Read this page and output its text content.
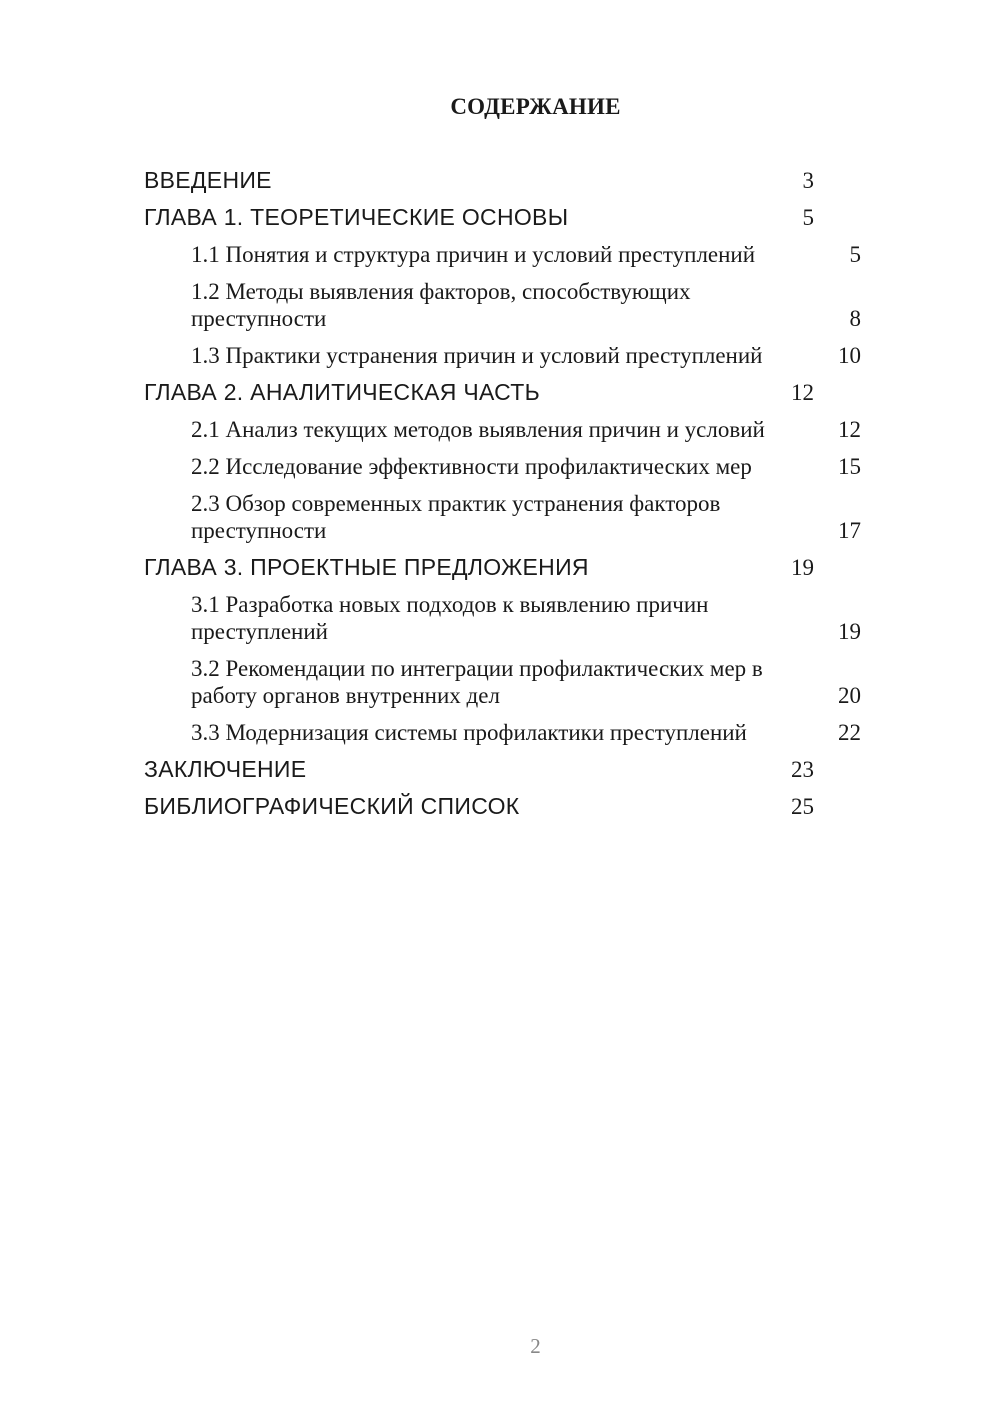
СОДЕРЖАНИЕ
ВВЕДЕНИЕ	3
ГЛАВА 1. ТЕОРЕТИЧЕСКИЕ ОСНОВЫ	5
1.1 Понятия и структура причин и условий преступлений	5
1.2 Методы выявления факторов, способствующих преступности	8
1.3 Практики устранения причин и условий преступлений	10
ГЛАВА 2. АНАЛИТИЧЕСКАЯ ЧАСТЬ	12
2.1 Анализ текущих методов выявления причин и условий	12
2.2 Исследование эффективности профилактических мер	15
2.3 Обзор современных практик устранения факторов преступности	17
ГЛАВА 3. ПРОЕКТНЫЕ ПРЕДЛОЖЕНИЯ	19
3.1 Разработка новых подходов к выявлению причин преступлений	19
3.2 Рекомендации по интеграции профилактических мер в работу органов внутренних дел	20
3.3 Модернизация системы профилактики преступлений	22
ЗАКЛЮЧЕНИЕ	23
БИБЛИОГРАФИЧЕСКИЙ СПИСОК	25
2
